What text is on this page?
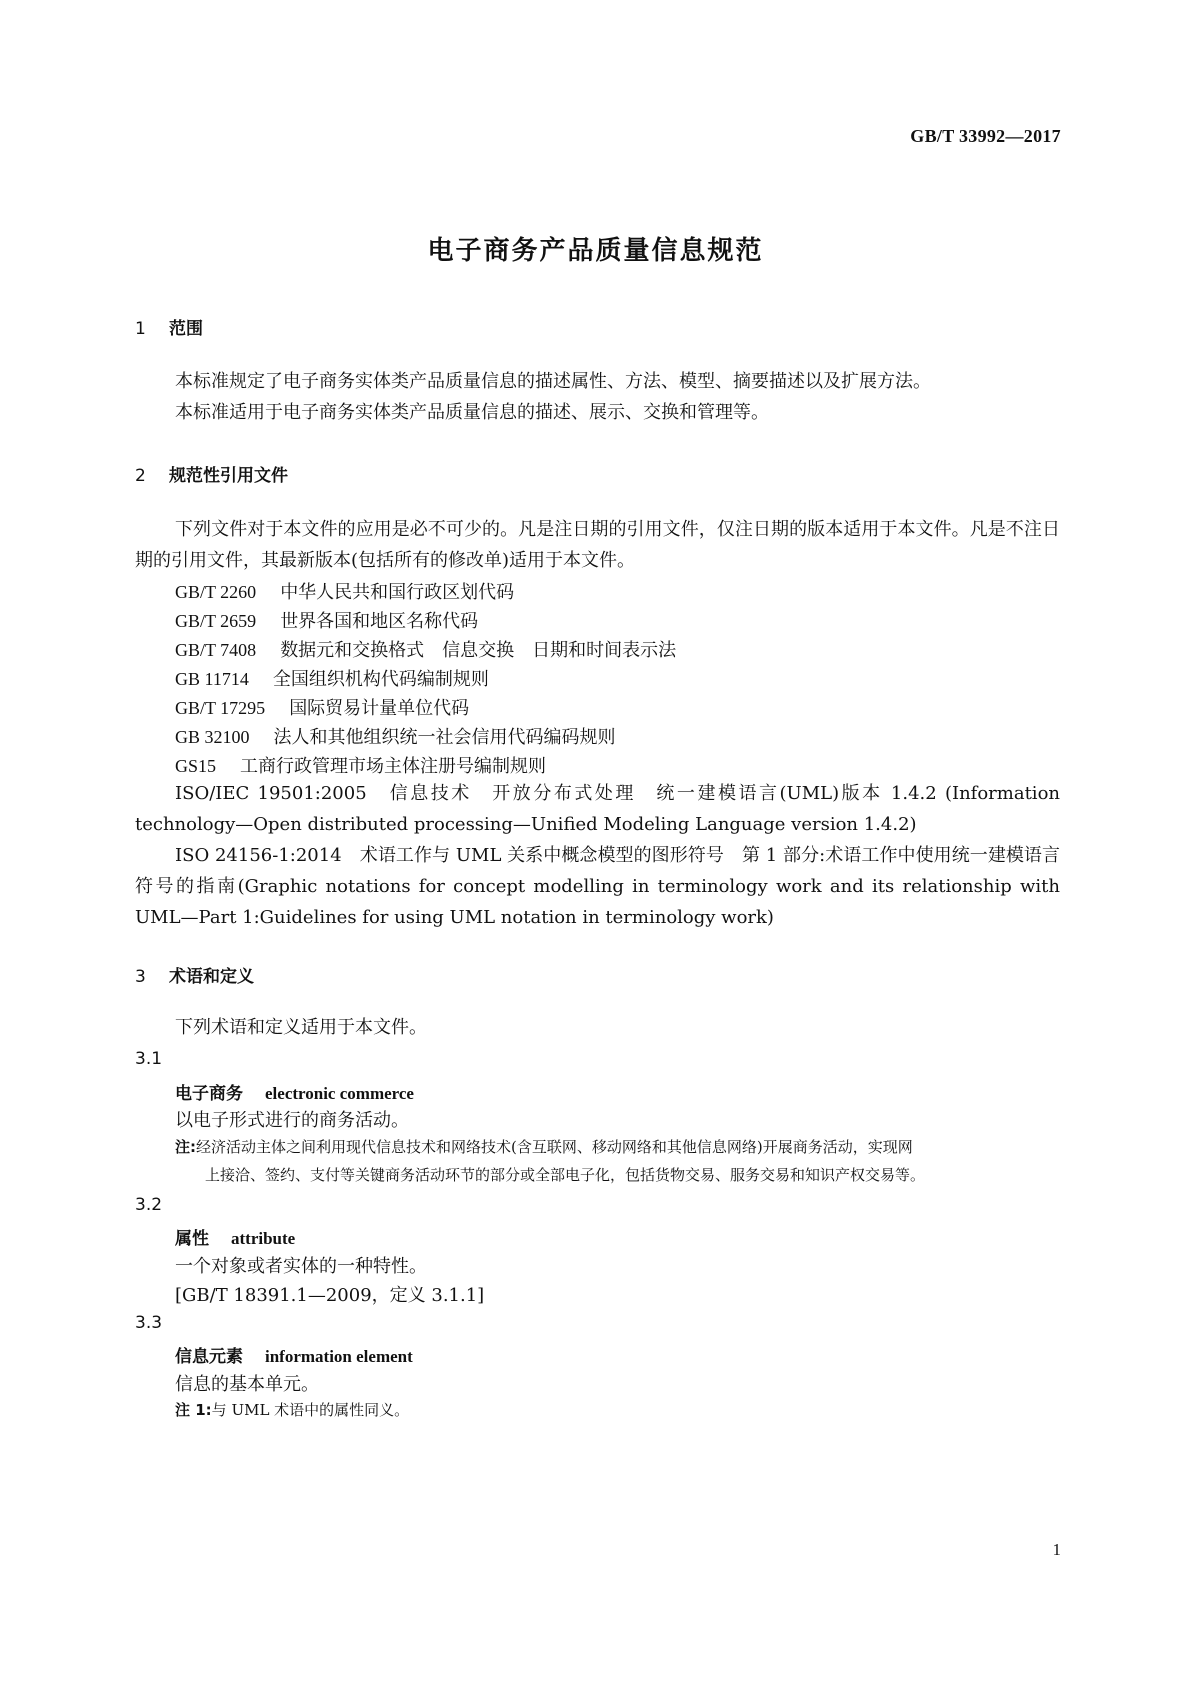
GB/T 33992—2017
电子商务产品质量信息规范
1 范围
本标准规定了电子商务实体类产品质量信息的描述属性、方法、模型、摘要描述以及扩展方法。
本标准适用于电子商务实体类产品质量信息的描述、展示、交换和管理等。
2 规范性引用文件
下列文件对于本文件的应用是必不可少的。凡是注日期的引用文件，仅注日期的版本适用于本文件。凡是不注日期的引用文件，其最新版本(包括所有的修改单)适用于本文件。
GB/T 2260 中华人民共和国行政区划代码
GB/T 2659 世界各国和地区名称代码
GB/T 7408 数据元和交换格式　信息交换　日期和时间表示法
GB 11714 全国组织机构代码编制规则
GB/T 17295 国际贸易计量单位代码
GB 32100 法人和其他组织统一社会信用代码编码规则
GS15 工商行政管理市场主体注册号编制规则
ISO/IEC 19501:2005　信息技术　开放分布式处理　统一建模语言(UML)版本 1.4.2 (Information technology—Open distributed processing—Unified Modeling Language version 1.4.2)
ISO 24156-1:2014　术语工作与 UML 关系中概念模型的图形符号　第 1 部分:术语工作中使用统一建模语言符号的指南(Graphic notations for concept modelling in terminology work and its relationship with UML—Part 1:Guidelines for using UML notation in terminology work)
3 术语和定义
下列术语和定义适用于本文件。
3.1
电子商务 electronic commerce
以电子形式进行的商务活动。
注:经济活动主体之间利用现代信息技术和网络技术(含互联网、移动网络和其他信息网络)开展商务活动，实现网
上接洽、签约、支付等关键商务活动环节的部分或全部电子化，包括货物交易、服务交易和知识产权交易等。
3.2
属性 attribute
一个对象或者实体的一种特性。
[GB/T 18391.1—2009，定义 3.1.1]
3.3
信息元素 information element
信息的基本单元。
注 1:与 UML 术语中的属性同义。
1
